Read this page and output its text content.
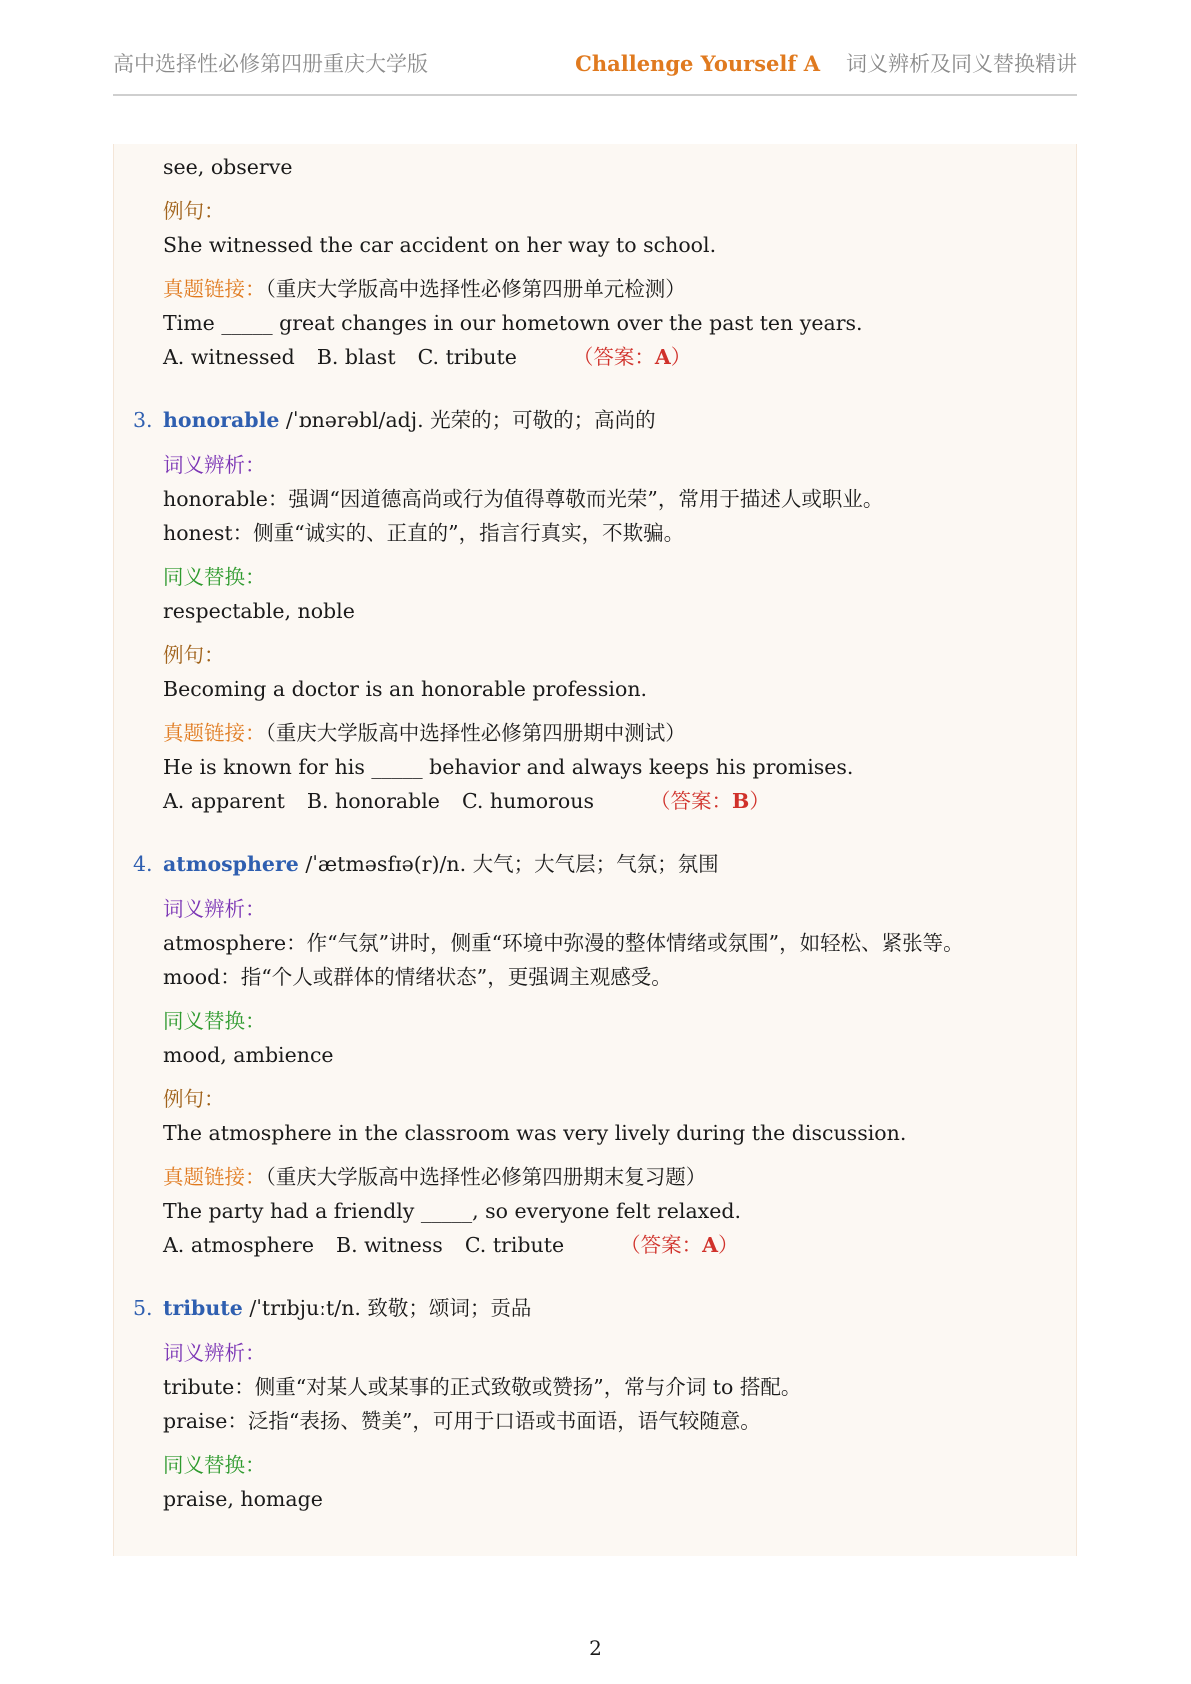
高中选择性必修第四册重庆大学版	Challenge Yourself A 词义辨析及同义替换精讲
see, observe
例句：
She witnessed the car accident on her way to school.
真题链接：（重庆大学版高中选择性必修第四册单元检测）
Time _____ great changes in our hometown over the past ten years.
A. witnessed B. blast C. tribute	（答案：A）
3. honorable /ˈɒnərəbl/adj. 光荣的；可敬的；高尚的
词义辨析：
honorable：强调“因道德高尚或行为值得尊敬而光荣”，常用于描述人或职业。
honest：侧重“诚实的、正直的”，指言行真实，不欺骗。
同义替换：
respectable, noble
例句：
Becoming a doctor is an honorable profession.
真题链接：（重庆大学版高中选择性必修第四册期中测试）
He is known for his _____ behavior and always keeps his promises.
A. apparent B. honorable C. humorous	（答案：B）
4. atmosphere /ˈætməsfɪə(r)/n. 大气；大气层；气氛；氛围
词义辨析：
atmosphere：作“气氛”讲时，侧重“环境中弥漫的整体情绪或氛围”，如轻松、紧张等。
mood：指“个人或群体的情绪状态”，更强调主观感受。
同义替换：
mood, ambience
例句：
The atmosphere in the classroom was very lively during the discussion.
真题链接：（重庆大学版高中选择性必修第四册期末复习题）
The party had a friendly _____, so everyone felt relaxed.
A. atmosphere B. witness C. tribute	（答案：A）
5. tribute /ˈtrɪbjuːt/n. 致敬；颂词；贡品
词义辨析：
tribute：侧重“对某人或某事的正式致敬或赞扬”，常与介词 to 搭配。
praise：泛指“表扬、赞美”，可用于口语或书面语，语气较随意。
同义替换：
praise, homage
2
